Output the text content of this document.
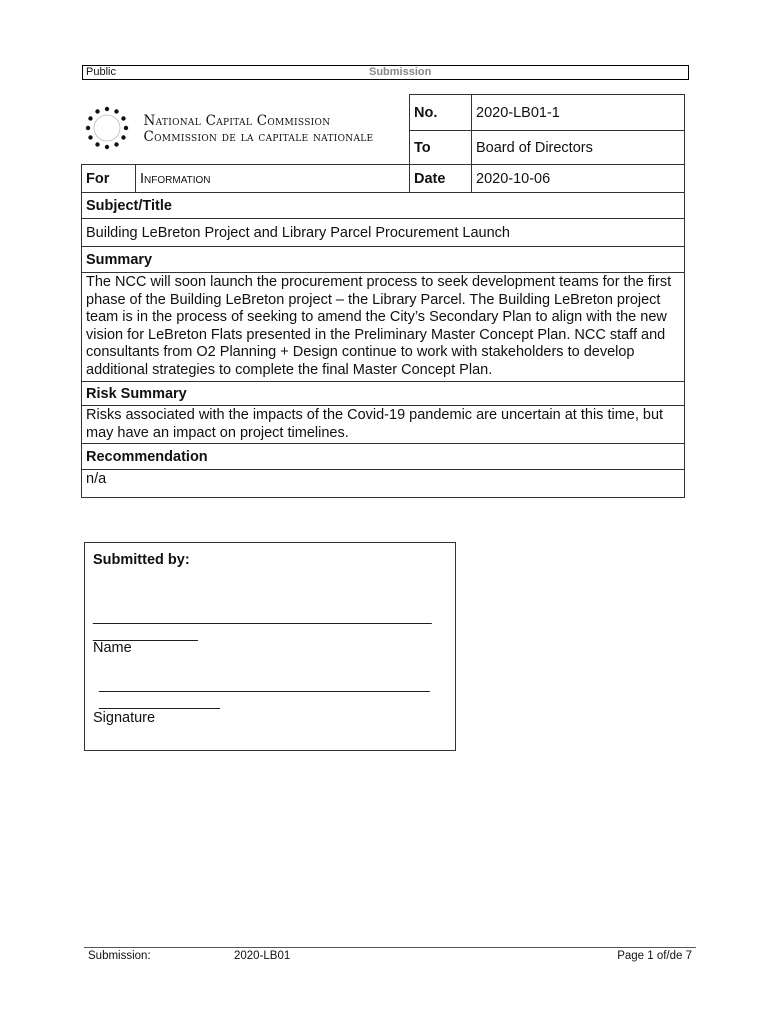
Public	Submission
National Capital Commission
Commission de la capitale nationale		No.	2020-LB01-1
		To	Board of Directors
For	Information	Date	2020-10-06
Subject/Title			
Building LeBreton Project and Library Parcel Procurement Launch			
Summary			
The NCC will soon launch the procurement process to seek development teams for the first phase of the Building LeBreton project – the Library Parcel. The Building LeBreton project team is in the process of seeking to amend the City’s Secondary Plan to align with the new vision for LeBreton Flats presented in the Preliminary Master Concept Plan. NCC staff and consultants from O2 Planning + Design continue to work with stakeholders to develop additional strategies to complete the final Master Concept Plan.			
Risk Summary			
Risks associated with the impacts of the Covid-19 pandemic are uncertain at this time, but may have an impact on project timelines.			
Recommendation			
n/a			
Submitted by:
__________________________________________
_____________
Name
_________________________________________
_______________
Signature
Submission:	2020-LB01	Page 1 of/de 7
